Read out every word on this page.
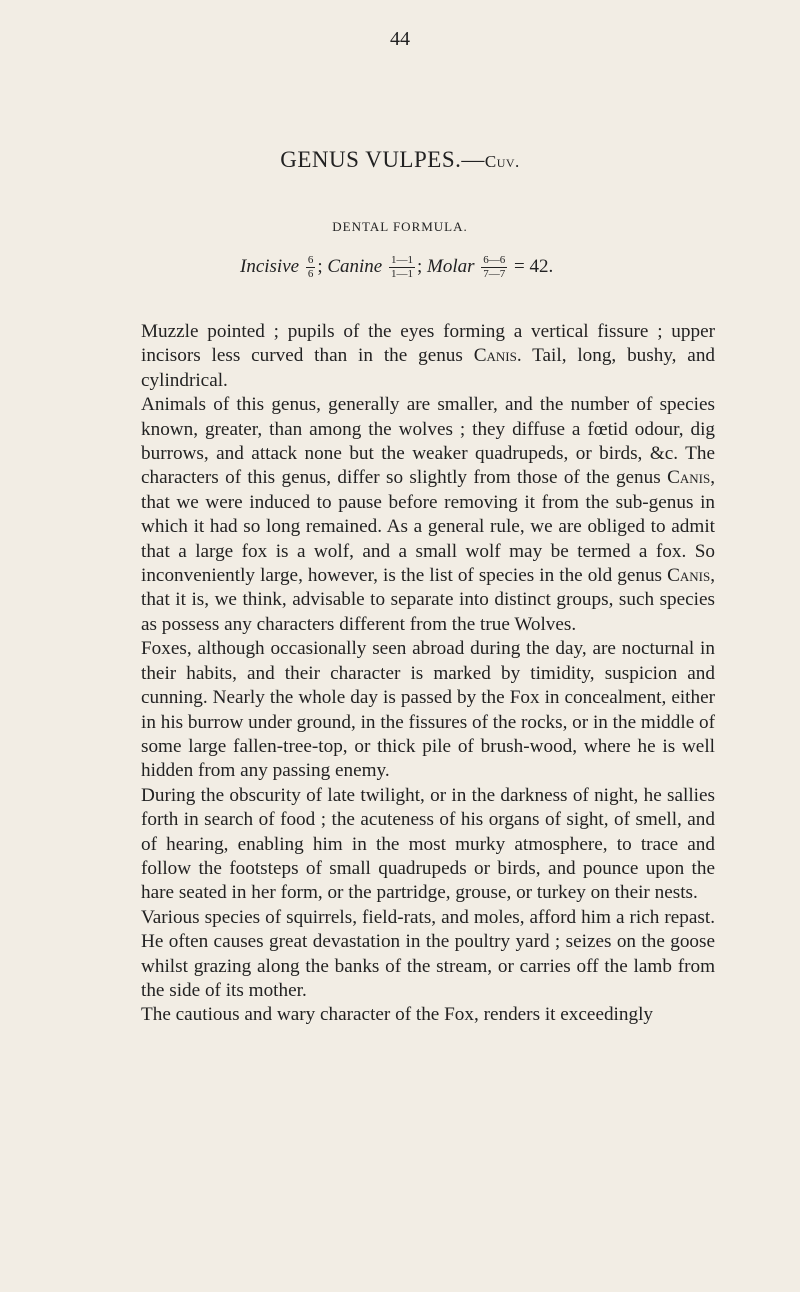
44
GENUS VULPES.—Cuv.
DENTAL FORMULA.
Incisive $\frac{6}{6}$ ; Canine $\frac{1—1}{1—1}$ ; Molar $\frac{6—6}{7—7} = 42$.

Muzzle pointed ; pupils of the eyes forming a vertical fissure ; upper incisors less curved than in the genus Canis. Tail, long, bushy, and cylindrical.

Animals of this genus, generally are smaller, and the number of species known, greater, than among the wolves ; they diffuse a fœtid odour, dig burrows, and attack none but the weaker quadrupeds, or birds, &c. The characters of this genus, differ so slightly from those of the genus Canis, that we were induced to pause before removing it from the sub-genus in which it had so long remained. As a general rule, we are obliged to admit that a large fox is a wolf, and a small wolf may be termed a fox. So inconveniently large, however, is the list of species in the old genus Canis, that it is, we think, advisable to separate into distinct groups, such species as possess any characters different from the true Wolves.

Foxes, although occasionally seen abroad during the day, are nocturnal in their habits, and their character is marked by timidity, suspicion and cunning. Nearly the whole day is passed by the Fox in concealment, either in his burrow under ground, in the fissures of the rocks, or in the middle of some large fallen-tree-top, or thick pile of brush-wood, where he is well hidden from any passing enemy.

During the obscurity of late twilight, or in the darkness of night, he sallies forth in search of food ; the acuteness of his organs of sight, of smell, and of hearing, enabling him in the most murky atmosphere, to trace and follow the footsteps of small quadrupeds or birds, and pounce upon the hare seated in her form, or the partridge, grouse, or turkey on their nests.

Various species of squirrels, field-rats, and moles, afford him a rich repast. He often causes great devastation in the poultry yard ; seizes on the goose whilst grazing along the banks of the stream, or carries off the lamb from the side of its mother.

The cautious and wary character of the Fox, renders it exceedingly
